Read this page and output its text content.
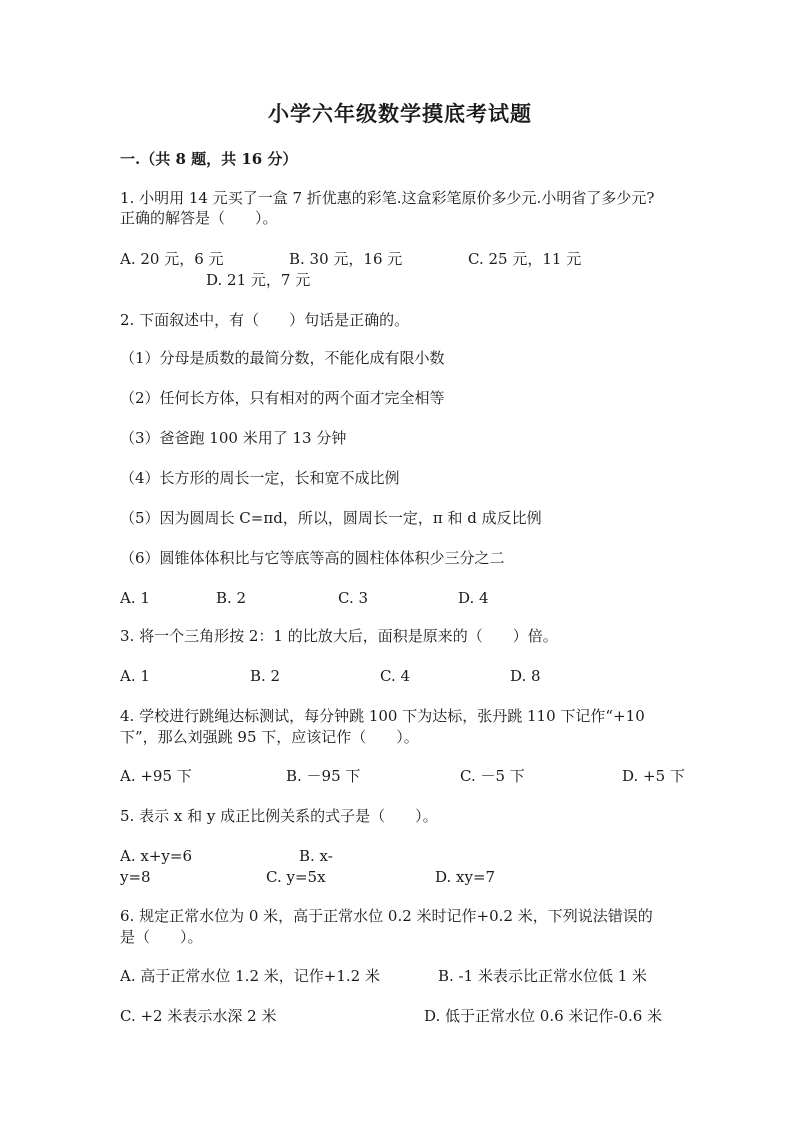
小学六年级数学摸底考试题
一.（共 8 题，共 16 分）
1. 小明用 14 元买了一盒 7 折优惠的彩笔.这盒彩笔原价多少元.小明省了多少元?
正确的解答是（　　）。
A. 20 元，6 元	B. 30 元，16 元	C. 25 元，11 元
D. 21 元，7 元
2. 下面叙述中，有（　　）句话是正确的。
（1）分母是质数的最简分数，不能化成有限小数
（2）任何长方体，只有相对的两个面才完全相等
（3）爸爸跑 100 米用了 13 分钟
（4）长方形的周长一定，长和宽不成比例
（5）因为圆周长 C=πd，所以，圆周长一定，π 和 d 成反比例
（6）圆锥体体积比与它等底等高的圆柱体体积少三分之二
A. 1	B. 2	C. 3	D. 4
3. 将一个三角形按 2：1 的比放大后，面积是原来的（　　）倍。
A. 1	B. 2	C. 4	D. 8
4. 学校进行跳绳达标测试，每分钟跳 100 下为达标，张丹跳 110 下记作“+10
下”，那么刘强跳 95 下，应该记作（　　）。
A. +95 下	B. －95 下	C. －5 下	D. +5 下
5. 表示 x 和 y 成正比例关系的式子是（　　）。
A. x+y=6	B. x-
y=8	C. y=5x	D. xy=7
6. 规定正常水位为 0 米，高于正常水位 0.2 米时记作+0.2 米，下列说法错误的
是（　　）。
A. 高于正常水位 1.2 米，记作+1.2 米	B. -1 米表示比正常水位低 1 米
C. +2 米表示水深 2 米	D. 低于正常水位 0.6 米记作-0.6 米
